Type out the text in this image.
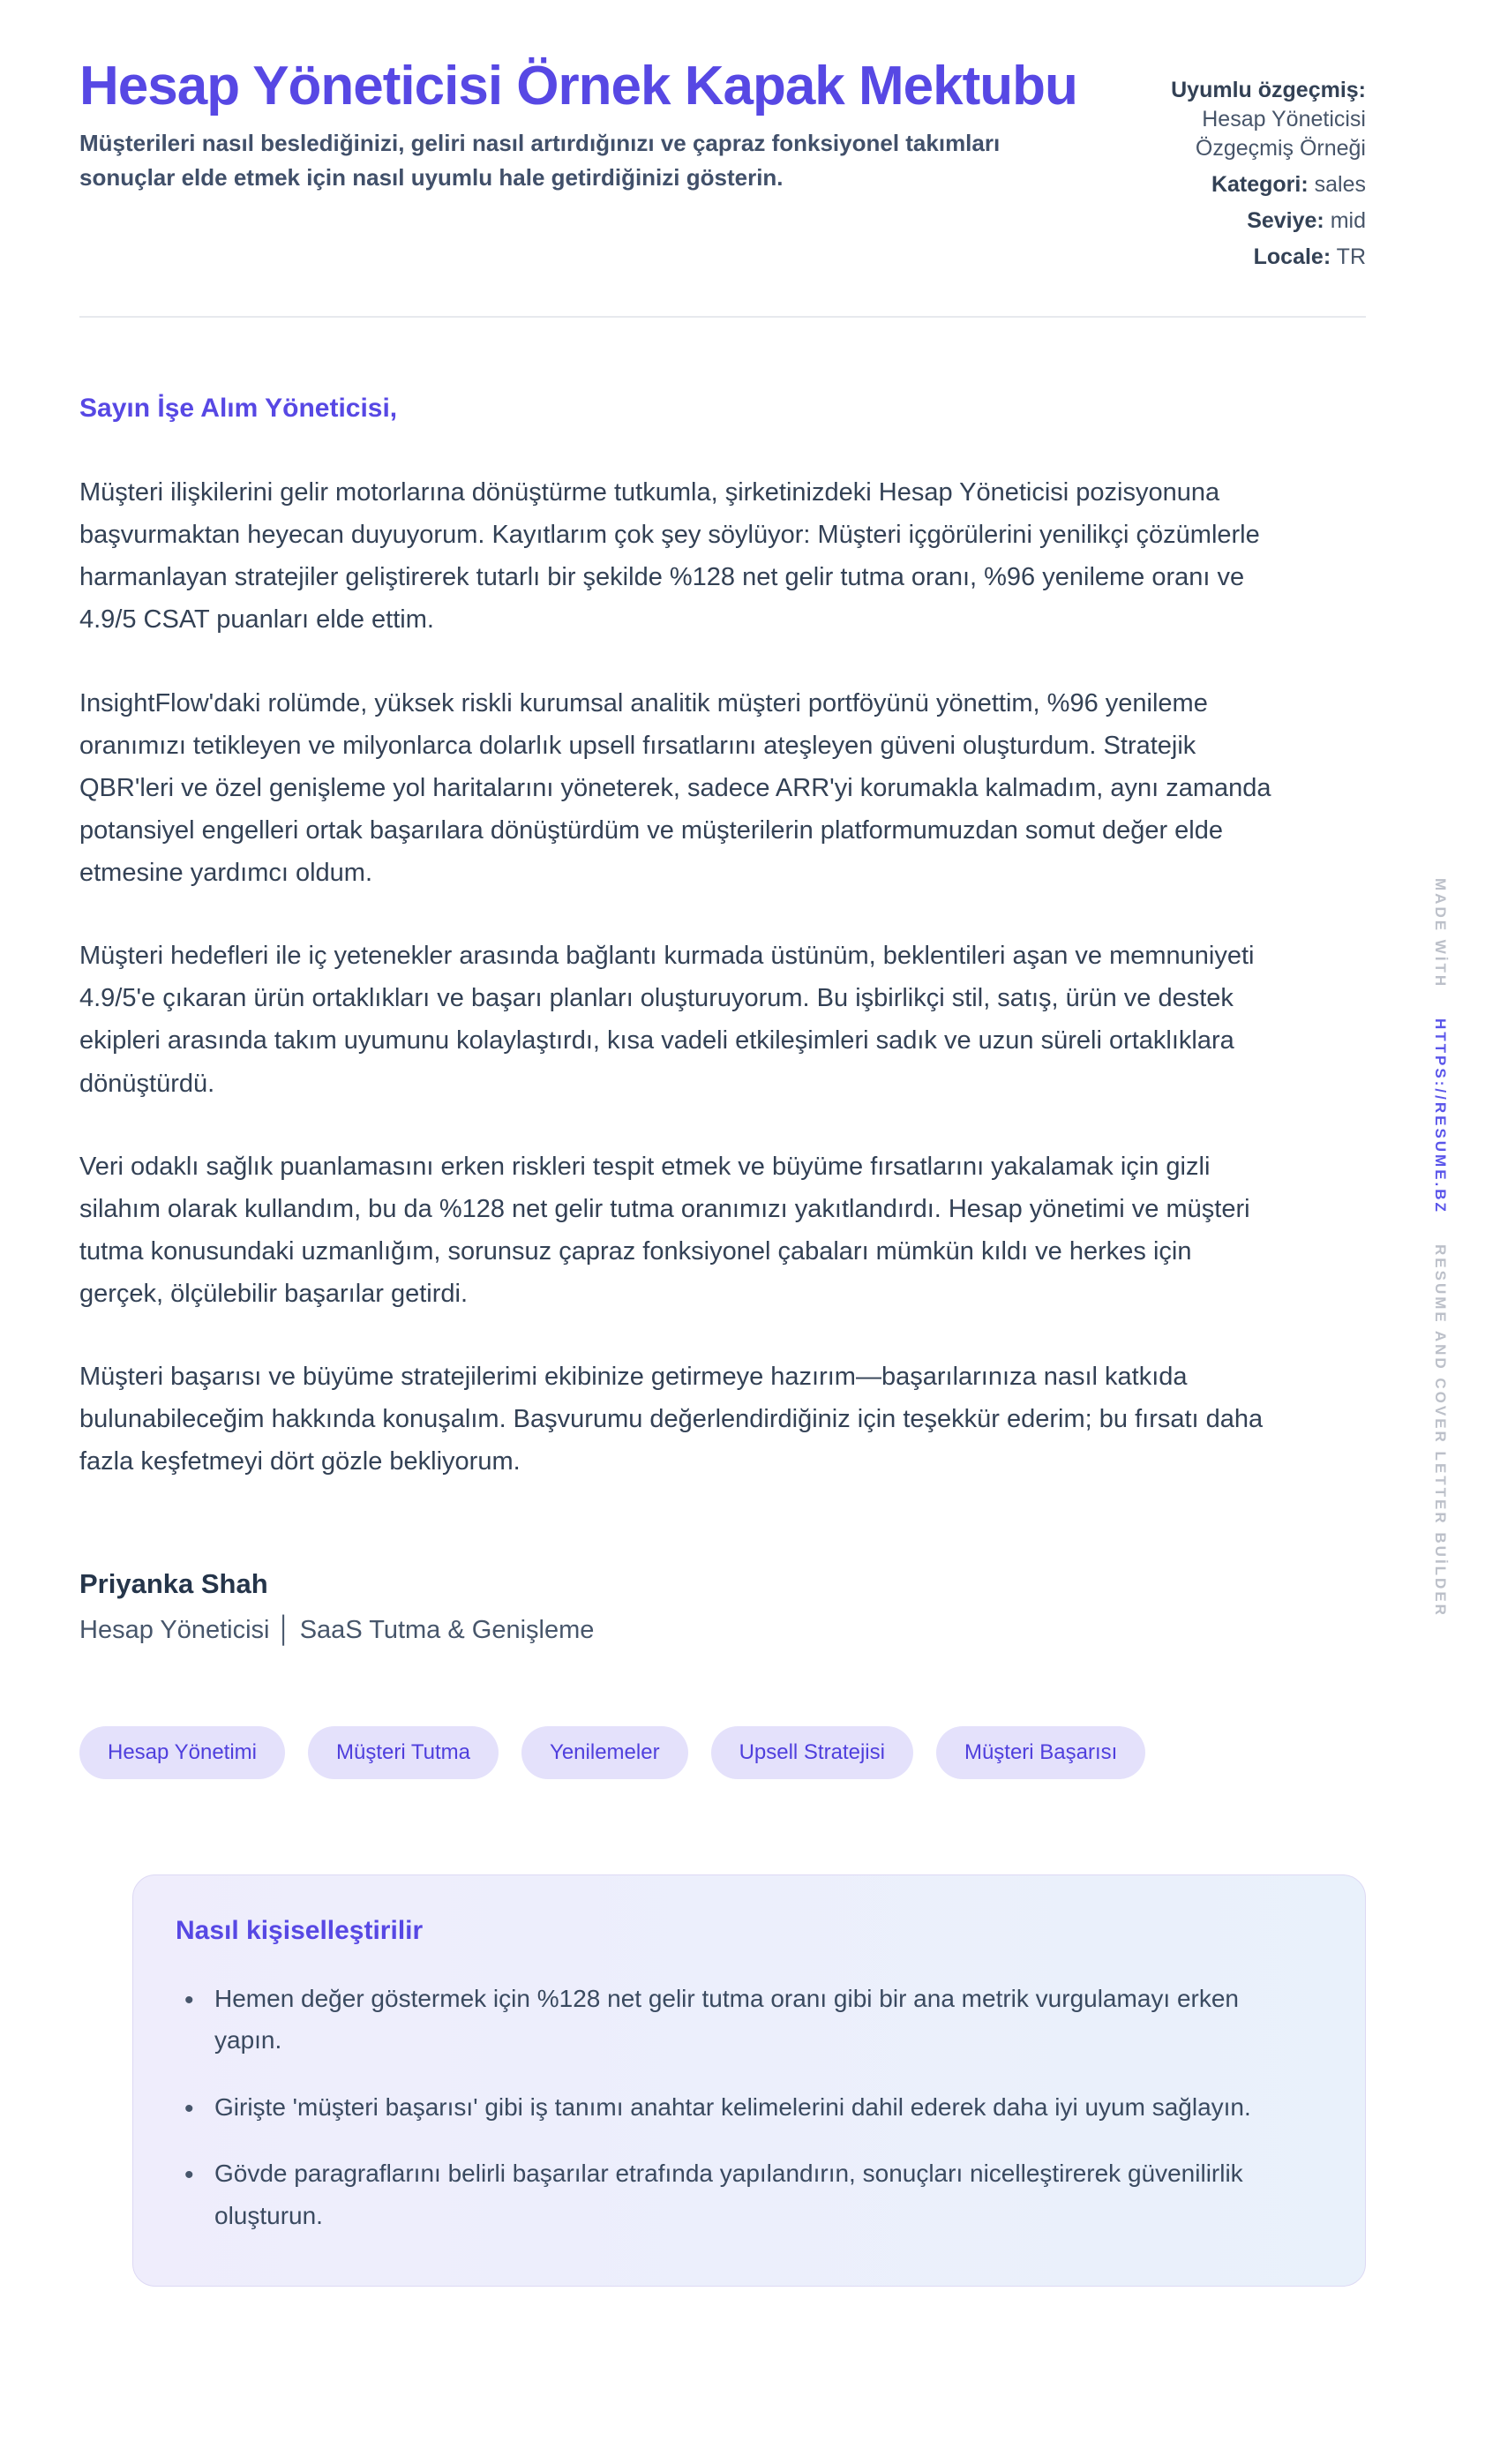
Hesap Yöneticisi Örnek Kapak Mektubu
Müşterileri nasıl beslediğinizi, geliri nasıl artırdığınızı ve çapraz fonksiyonel takımları sonuçlar elde etmek için nasıl uyumlu hale getirdiğinizi gösterin.
Uyumlu özgeçmiş:
Hesap Yöneticisi Özgeçmiş Örneği
Kategori: sales
Seviye: mid
Locale: TR
Sayın İşe Alım Yöneticisi,

Müşteri ilişkilerini gelir motorlarına dönüştürme tutkumla, şirketinizdeki Hesap Yöneticisi pozisyonuna başvurmaktan heyecan duyuyorum. Kayıtlarım çok şey söylüyor: Müşteri içgörülerini yenilikçi çözümlerle harmanlayan stratejiler geliştirerek tutarlı bir şekilde %128 net gelir tutma oranı, %96 yenileme oranı ve 4.9/5 CSAT puanları elde ettim.

InsightFlow'daki rolümde, yüksek riskli kurumsal analitik müşteri portföyünü yönettim, %96 yenileme oranımızı tetikleyen ve milyonlarca dolarlık upsell fırsatlarını ateşleyen güveni oluşturdum. Stratejik QBR'leri ve özel genişleme yol haritalarını yöneterek, sadece ARR'yi korumakla kalmadım, aynı zamanda potansiyel engelleri ortak başarılara dönüştürdüm ve müşterilerin platformumuzdan somut değer elde etmesine yardımcı oldum.

Müşteri hedefleri ile iç yetenekler arasında bağlantı kurmada üstünüm, beklentileri aşan ve memnuniyeti 4.9/5'e çıkaran ürün ortaklıkları ve başarı planları oluşturuyorum. Bu işbirlikçi stil, satış, ürün ve destek ekipleri arasında takım uyumunu kolaylaştırdı, kısa vadeli etkileşimleri sadık ve uzun süreli ortaklıklara dönüştürdü.

Veri odaklı sağlık puanlamasını erken riskleri tespit etmek ve büyüme fırsatlarını yakalamak için gizli silahım olarak kullandım, bu da %128 net gelir tutma oranımızı yakıtlandırdı. Hesap yönetimi ve müşteri tutma konusundaki uzmanlığım, sorunsuz çapraz fonksiyonel çabaları mümkün kıldı ve herkes için gerçek, ölçülebilir başarılar getirdi.

Müşteri başarısı ve büyüme stratejilerimi ekibinize getirmeye hazırım—başarılarınıza nasıl katkıda bulunabileceğim hakkında konuşalım. Başvurumu değerlendirdiğiniz için teşekkür ederim; bu fırsatı daha fazla keşfetmeyi dört gözle bekliyorum.

Priyanka Shah
Hesap Yöneticisi │ SaaS Tutma & Genişleme
Hesap Yönetimi	Müşteri Tutma	Yenilemeler	Upsell Stratejisi	Müşteri Başarısı
Nasıl kişiselleştirilir
• Hemen değer göstermek için %128 net gelir tutma oranı gibi bir ana metrik vurgulamayı erken yapın.
• Girişte 'müşteri başarısı' gibi iş tanımı anahtar kelimelerini dahil ederek daha iyi uyum sağlayın.
• Gövde paragraflarını belirli başarılar etrafında yapılandırın, sonuçları nicelleştirerek güvenilirlik oluşturun.
MADE WİTH HTTPS://RESUME.BZ RESUME AND COVER LETTER BUİLDER
